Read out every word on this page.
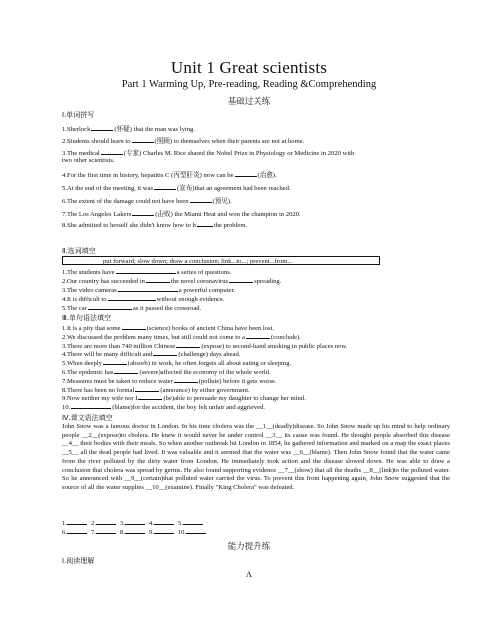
Unit 1 Great scientists
Part 1 Warming Up, Pre-reading, Reading &Comprehending
基础过关练
Ⅰ.单词拼写
1.Sherlock	(怀疑) that the man was lying.
2.Students should learn to	(照顾) to themselves when their parents are not at home.
3.The medical	(专家) Charles M. Rice shared the Nobel Prize in Physiology or Medicine in 2020 with
two other scientists.
4.For the first time in history, hepatitis C (丙型肝炎) now can be	(治愈).
5.At the end of the meeting, it was	(宣布)that an agreement had been reached.
6.The extent of the damage could not have been	(预见).
7.The Los Angeles Lakers	(击败) the Miami Heat and won the champion in 2020.
8.She admitted to herself she didn't know how to h	the problem.
Ⅱ.选词填空
put forward; slow down; draw a conclusion; link...to...; prevent...from...
1.The students have	a series of questions.
2.Our country has succeeded in	the novel coronavirus	spreading.
3.The video cameras	a powerful computer.
4.It is difficult to	without enough evidence.
5.The car	as it passed the crossroad.
Ⅲ.单句语法填空
1.It is a pity that some	(science) books of ancient China have been lost.
2.We discussed the problem many times, but still could not come to a	(conclude).
3.There are more than 740 million Chinese	(expose) to second-hand smoking in public places now.
4.There will be many difficult and	(challenge) days ahead.
5.When deeply	(absorb) in work, he often forgets all about eating or sleeping.
6.The epidemic has	(severe)affected the economy of the whole world.
7.Measures must be taken to reduce water	(pollute) before it gets worse.
8.There has been no formal	(announce) by either government.
9.Now neither my wife nor I	(be)able to persuade my daughter to change her mind.
10.	(blame)for the accident, the boy felt unfair and aggrieved.
Ⅳ.课文语法填空
John Snow was a famous doctor in London. In his time cholera was the __1__(deadly)disease. So John Snow made up his mind to help ordinary people __2__(expose)to cholera. He knew it would never be under control __3__ its cause was found. He thought people absorbed this disease __4__ their bodies with their meals. So when another outbreak hit London in 1854, he gathered information and marked on a map the exact places __5__ all the dead people had lived. It was valuable and it seemed that the water was __6__(blame). Then John Snow found that the water came from the river polluted by the dirty water from London. He immediately took action and the disease slowed down. He was able to draw a conclusion that cholera was spread by germs. He also found supporting evidence __7__(show) that all the deaths __8__(link)to the polluted water. So he announced with __9__(certain)that polluted water carried the virus. To prevent this from happening again, John Snow suggested that the source of all the water supplies __10__(examine). Finally "King Cholera" was defeated.
1.	2.	3.	4.	5.
6.	7.	8.	9.	10.
能力提升练
Ⅰ.阅读理解
A
